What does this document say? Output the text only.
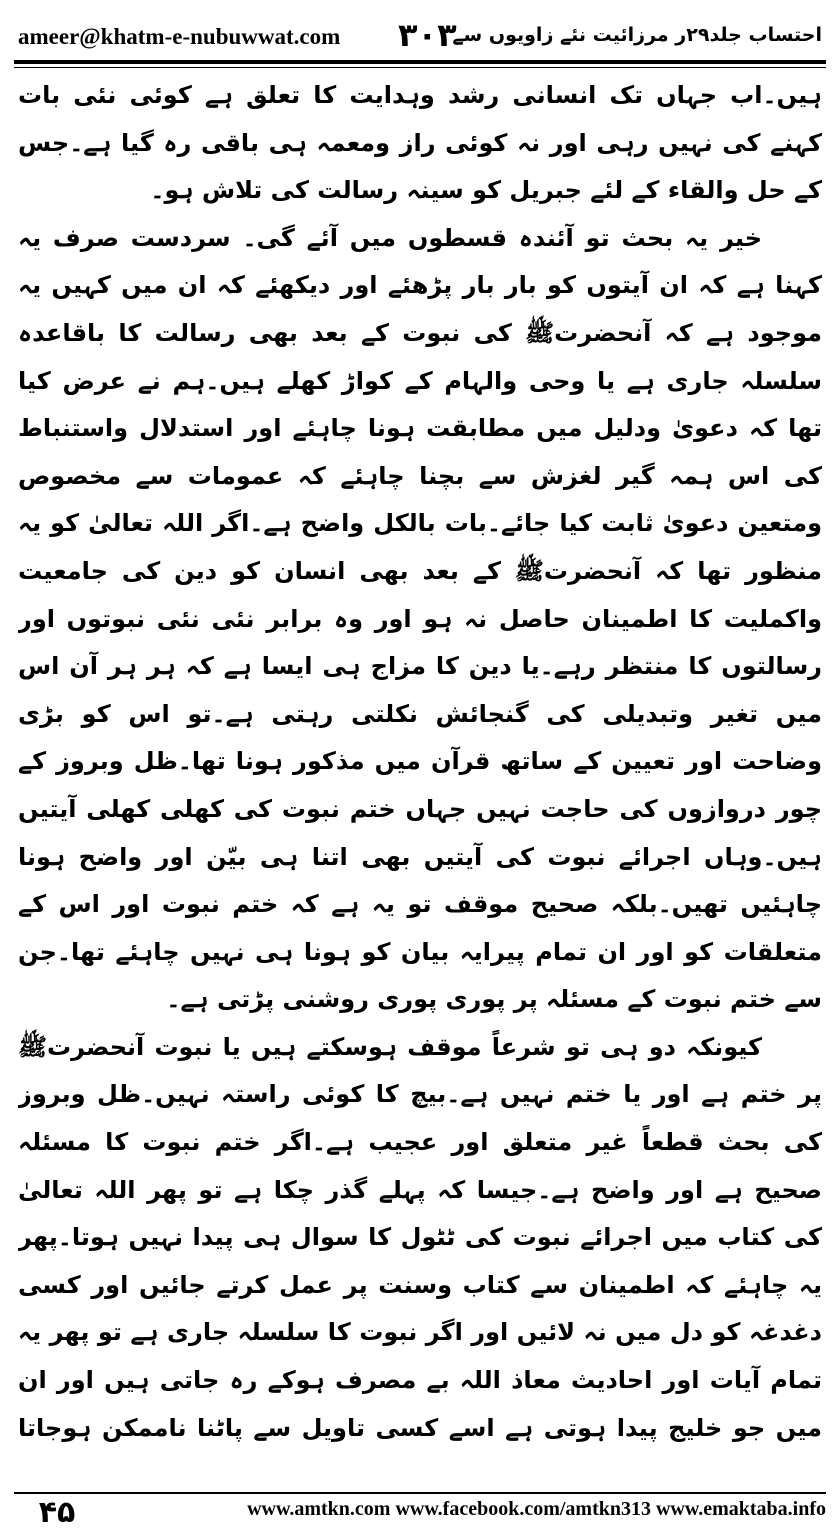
ameer@khatm-e-nubuwwat.com ۳۰۳
احتساب جلد۲۹ر مرزائیت نئے زاویوں سے

ہیں۔اب جہاں تک انسانی رشد وہدایت کا تعلق ہے کوئی نئی بات کہنے کی نہیں رہی اور نہ کوئی راز ومعمہ ہی باقی رہ گیا ہے۔جس کے حل والقاء کے لئے جبریل کو سینہ رسالت کی تلاش ہو۔

خیر یہ بحث تو آئندہ قسطوں میں آئے گی۔ سردست صرف یہ کہنا ہے کہ ان آیتوں کو بار بار پڑھئے اور دیکھئے کہ ان میں کہیں یہ موجود ہے کہ آنحضرتﷺ کی نبوت کے بعد بھی رسالت کا باقاعدہ سلسلہ جاری ہے یا وحی والہام کے کواڑ کھلے ہیں۔ہم نے عرض کیا تھا کہ دعویٰ ودلیل میں مطابقت ہونا چاہئے اور استدلال واستنباط کی اس ہمہ گیر لغزش سے بچنا چاہئے کہ عمومات سے مخصوص ومتعین دعویٰ ثابت کیا جائے۔بات بالکل واضح ہے۔اگر اللہ تعالیٰ کو یہ منظور تھا کہ آنحضرتﷺ کے بعد بھی انسان کو دین کی جامعیت واکملیت کا اطمینان حاصل نہ ہو اور وہ برابر نئی نئی نبوتوں اور رسالتوں کا منتظر رہے۔یا دین کا مزاج ہی ایسا ہے کہ ہر ہر آن اس میں تغیر وتبدیلی کی گنجائش نکلتی رہتی ہے۔تو اس کو بڑی وضاحت اور تعیین کے ساتھ قرآن میں مذکور ہونا تھا۔ظل وبروز کے چور دروازوں کی حاجت نہیں جہاں ختم نبوت کی کھلی کھلی آیتیں ہیں۔وہاں اجرائے نبوت کی آیتیں بھی اتنا ہی بیّن اور واضح ہونا چاہئیں تھیں۔بلکہ صحیح موقف تو یہ ہے کہ ختم نبوت اور اس کے متعلقات کو اور ان تمام پیرایہ بیان کو ہونا ہی نہیں چاہئے تھا۔جن سے ختم نبوت کے مسئلہ پر پوری پوری روشنی پڑتی ہے۔

کیونکہ دو ہی تو شرعاً موقف ہوسکتے ہیں یا نبوت آنحضرتﷺ پر ختم ہے اور یا ختم نہیں ہے۔بیچ کا کوئی راستہ نہیں۔ظل وبروز کی بحث قطعاً غیر متعلق اور عجیب ہے۔اگر ختم نبوت کا مسئلہ صحیح ہے اور واضح ہے۔جیسا کہ پہلے گذر چکا ہے تو پھر اللہ تعالیٰ کی کتاب میں اجرائے نبوت کی ٹٹول کا سوال ہی پیدا نہیں ہوتا۔پھر یہ چاہئے کہ اطمینان سے کتاب وسنت پر عمل کرتے جائیں اور کسی دغدغہ کو دل میں نہ لائیں اور اگر نبوت کا سلسلہ جاری ہے تو پھر یہ تمام آیات اور احادیث معاذ اللہ بے مصرف ہوکے رہ جاتی ہیں اور ان میں جو خلیج پیدا ہوتی ہے اسے کسی تاویل سے پاٹنا ناممکن ہوجاتا

۴۵	www.amtkn.com www.facebook.com/amtkn313 www.emaktaba.info
